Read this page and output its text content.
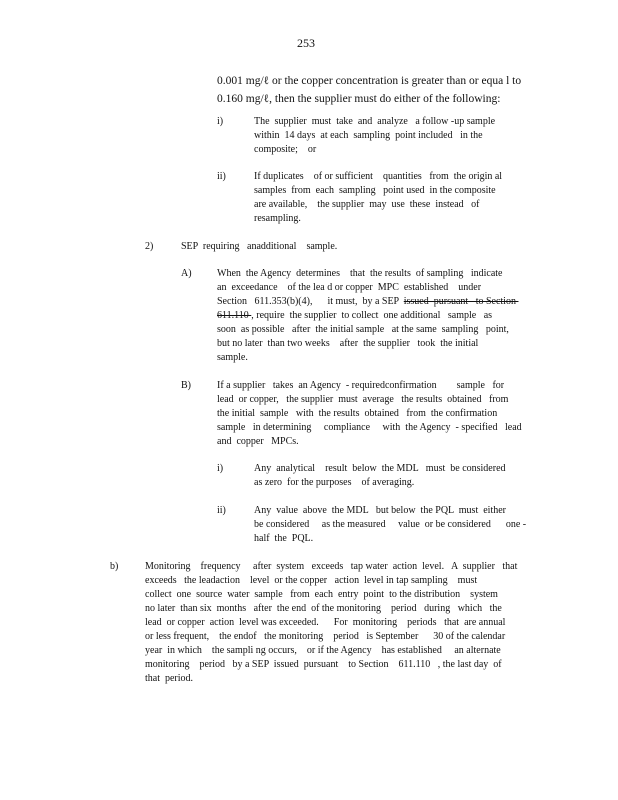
253
0.001 mg/ℓ or the copper concentration is greater than or equa l to
0.160 mg/ℓ, then the supplier must do either of the following:
i)	The  supplier  must  take  and  analyze   a follow -up sample
within  14 days  at each  sampling  point included   in the
composite;    or
ii)	If duplicates    of or sufficient    quantities   from  the origin al
samples  from  each  sampling   point used  in the composite
are available,    the supplier  may  use  these  instead   of
resampling.
2)	SEP  requiring   anadditional    sample.
A)	When  the Agency  determines    that  the results  of sampling   indicate
an  exceedance    of the lea d or copper  MPC  established    under
Section   611.353(b)(4),      it must,  by a SEP  issued  pursuant   to Section
611.110 , require  the supplier  to collect  one additional   sample   as
soon  as possible   after  the initial sample   at the same  sampling   point,
but no later  than two weeks    after  the supplier   took  the initial
sample.
B)	If a supplier   takes  an Agency  - requiredconfirmation        sample   for
lead  or copper,   the supplier  must  average   the results  obtained   from
the initial  sample   with  the results  obtained   from  the confirmation
sample   in determining     compliance     with  the Agency  - specified   lead
and  copper   MPCs.
i)	Any  analytical    result  below  the MDL   must  be considered
as zero  for the purposes    of averaging.
ii)	Any  value  above  the MDL   but below  the PQL  must  either
be considered     as the measured     value  or be considered      one -
half  the  PQL.
b)	Monitoring    frequency     after  system   exceeds   tap water  action  level.   A  supplier   that
exceeds   the leadaction    level  or the copper   action  level in tap sampling    must
collect  one  source  water  sample   from  each  entry  point  to the distribution    system
no later  than six  months   after  the end  of the monitoring    period   during   which   the
lead  or copper  action  level was exceeded.      For  monitoring    periods   that  are annual
or less frequent,    the endof   the monitoring    period   is September      30 of the calendar
year  in which    the sampli ng occurs,    or if the Agency    has established     an alternate
monitoring    period   by a SEP  issued  pursuant    to Section    611.110   , the last day  of
that  period.
